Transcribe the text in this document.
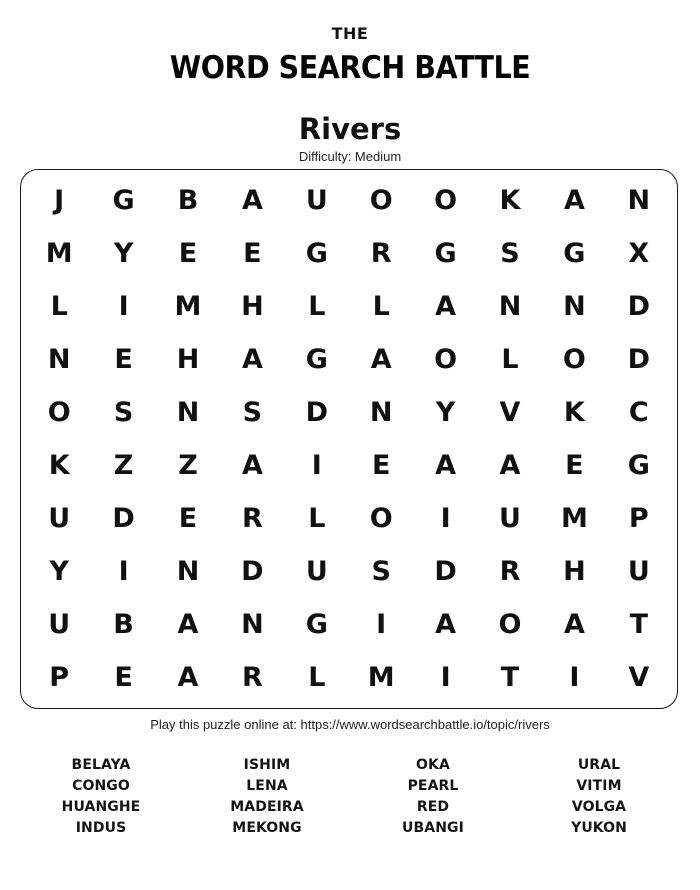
THE
WORD SEARCH BATTLE
Rivers
Difficulty: Medium
J	G	B	A	U	O	O	K	A	N
M	Y	E	E	G	R	G	S	G	X
L	I	M	H	L	L	A	N	N	D
N	E	H	A	G	A	O	L	O	D
O	S	N	S	D	N	Y	V	K	C
K	Z	Z	A	I	E	A	A	E	G
U	D	E	R	L	O	I	U	M	P
Y	I	N	D	U	S	D	R	H	U
U	B	A	N	G	I	A	O	A	T
P	E	A	R	L	M	I	T	I	V
Play this puzzle online at: https://www.wordsearchbattle.io/topic/rivers
BELAYA
CONGO
HUANGHE
INDUS
ISHIM
LENA
MADEIRA
MEKONG
OKA
PEARL
RED
UBANGI
URAL
VITIM
VOLGA
YUKON
